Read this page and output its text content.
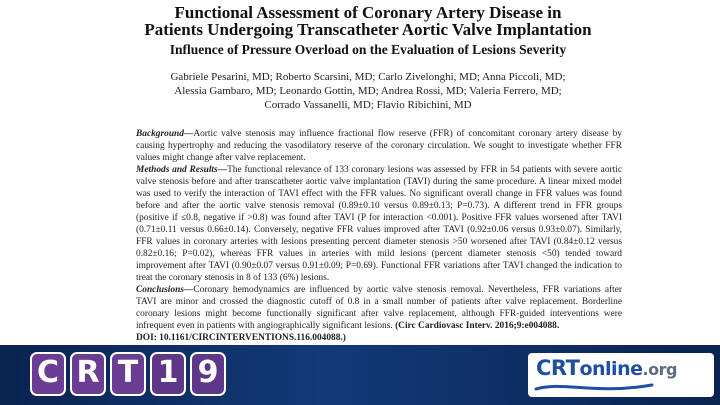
Functional Assessment of Coronary Artery Disease in
Patients Undergoing Transcatheter Aortic Valve Implantation
Influence of Pressure Overload on the Evaluation of Lesions Severity
Gabriele Pesarini, MD; Roberto Scarsini, MD; Carlo Zivelonghi, MD; Anna Piccoli, MD;
Alessia Gambaro, MD; Leonardo Gottin, MD; Andrea Rossi, MD; Valeria Ferrero, MD;
Corrado Vassanelli, MD; Flavio Ribichini, MD

Background—Aortic valve stenosis may influence fractional flow reserve (FFR) of concomitant coronary artery disease by causing hypertrophy and reducing the vasodilatory reserve of the coronary circulation. We sought to investigate whether FFR values might change after valve replacement.

Methods and Results—The functional relevance of 133 coronary lesions was assessed by FFR in 54 patients with severe aortic valve stenosis before and after transcatheter aortic valve implantation (TAVI) during the same procedure. A linear mixed model was used to verify the interaction of TAVI effect with the FFR values. No significant overall change in FFR values was found before and after the aortic valve stenosis removal (0.89±0.10 versus 0.89±0.13; P=0.73). A different trend in FFR groups (positive if ≤0.8, negative if >0.8) was found after TAVI (P for interaction <0.001). Positive FFR values worsened after TAVI (0.71±0.11 versus 0.66±0.14). Conversely, negative FFR values improved after TAVI (0.92±0.06 versus 0.93±0.07). Similarly, FFR values in coronary arteries with lesions presenting percent diameter stenosis >50 worsened after TAVI (0.84±0.12 versus 0.82±0.16; P=0.02), whereas FFR values in arteries with mild lesions (percent diameter stenosis <50) tended toward improvement after TAVI (0.90±0.07 versus 0.91±0.09; P=0.69). Functional FFR variations after TAVI changed the indication to treat the coronary stenosis in 8 of 133 (6%) lesions.

Conclusions—Coronary hemodynamics are influenced by aortic valve stenosis removal. Nevertheless, FFR variations after TAVI are minor and crossed the diagnostic cutoff of 0.8 in a small number of patients after valve replacement. Borderline coronary lesions might become functionally significant after valve replacement, although FFR-guided interventions were infrequent even in patients with angiographically significant lesions. (Circ Cardiovasc Interv. 2016;9:e004088.
DOI: 10.1161/CIRCINTERVENTIONS.116.004088.)

C R T 1 9	CRTonline.org
